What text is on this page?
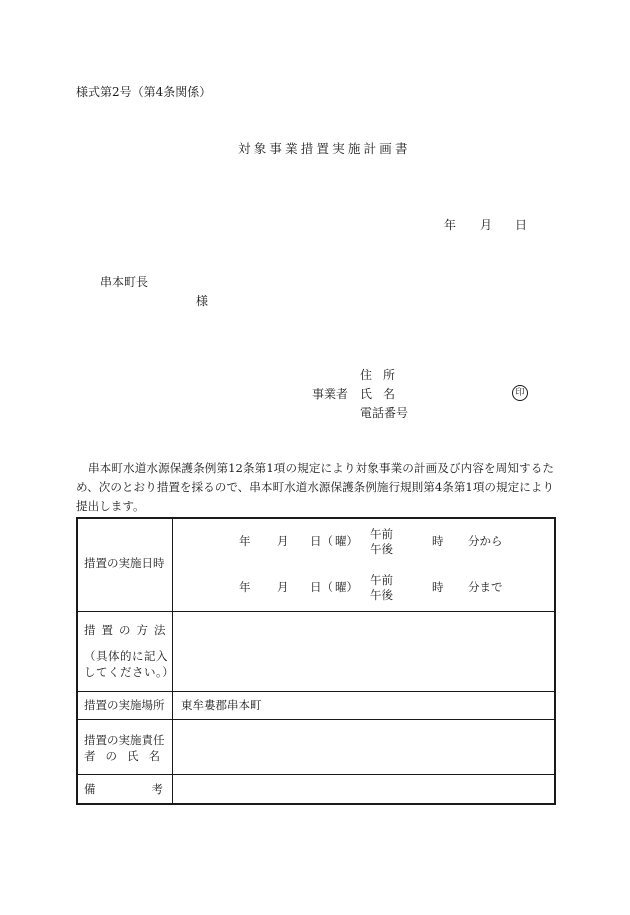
様式第2号（第4条関係）
対象事業措置実施計画書
年 月 日
串本町長
様
住所
事業者 氏名	印
電話番号
串本町水道水源保護条例第12条第1項の規定により対象事業の計画及び内容を周知するため、次のとおり措置を採るので、串本町水道水源保護条例施行規則第4条第1項の規定により提出します。
措置の実施日時
年 月 日（ 曜） 午前
午後
時 分から
年 月 日（ 曜） 午前
午後
時 分まで
措置の方法
（具体的に記入
してください。）
措置の実施場所 東牟婁郡串本町
措置の実施責任
者の氏名
備考
